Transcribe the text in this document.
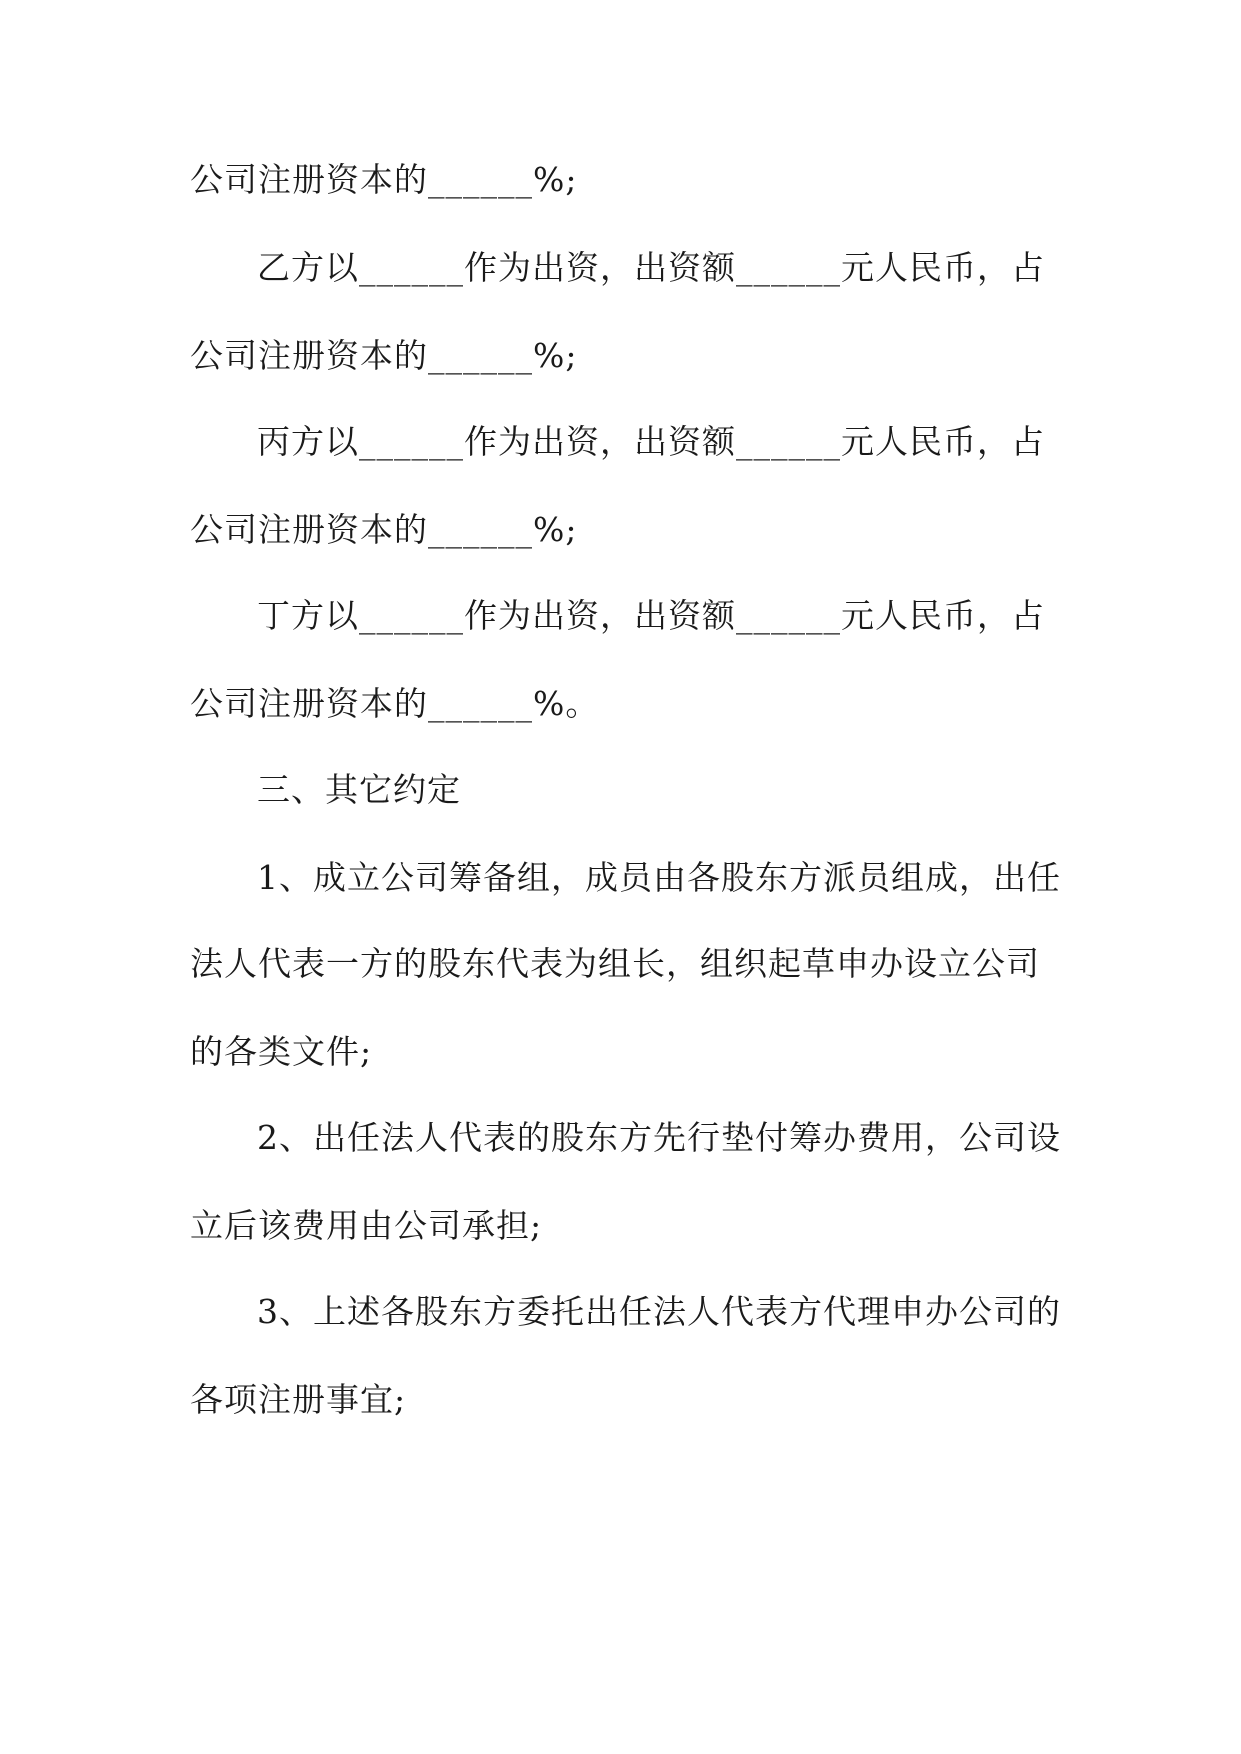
公司注册资本的______%;
乙方以______作为出资，出资额______元人民币，占
公司注册资本的______%;
丙方以______作为出资，出资额______元人民币，占
公司注册资本的______%;
丁方以______作为出资，出资额______元人民币，占
公司注册资本的______%。
三、其它约定
1、成立公司筹备组，成员由各股东方派员组成，出任
法人代表一方的股东代表为组长，组织起草申办设立公司
的各类文件;
2、出任法人代表的股东方先行垫付筹办费用，公司设
立后该费用由公司承担;
3、上述各股东方委托出任法人代表方代理申办公司的
各项注册事宜;
